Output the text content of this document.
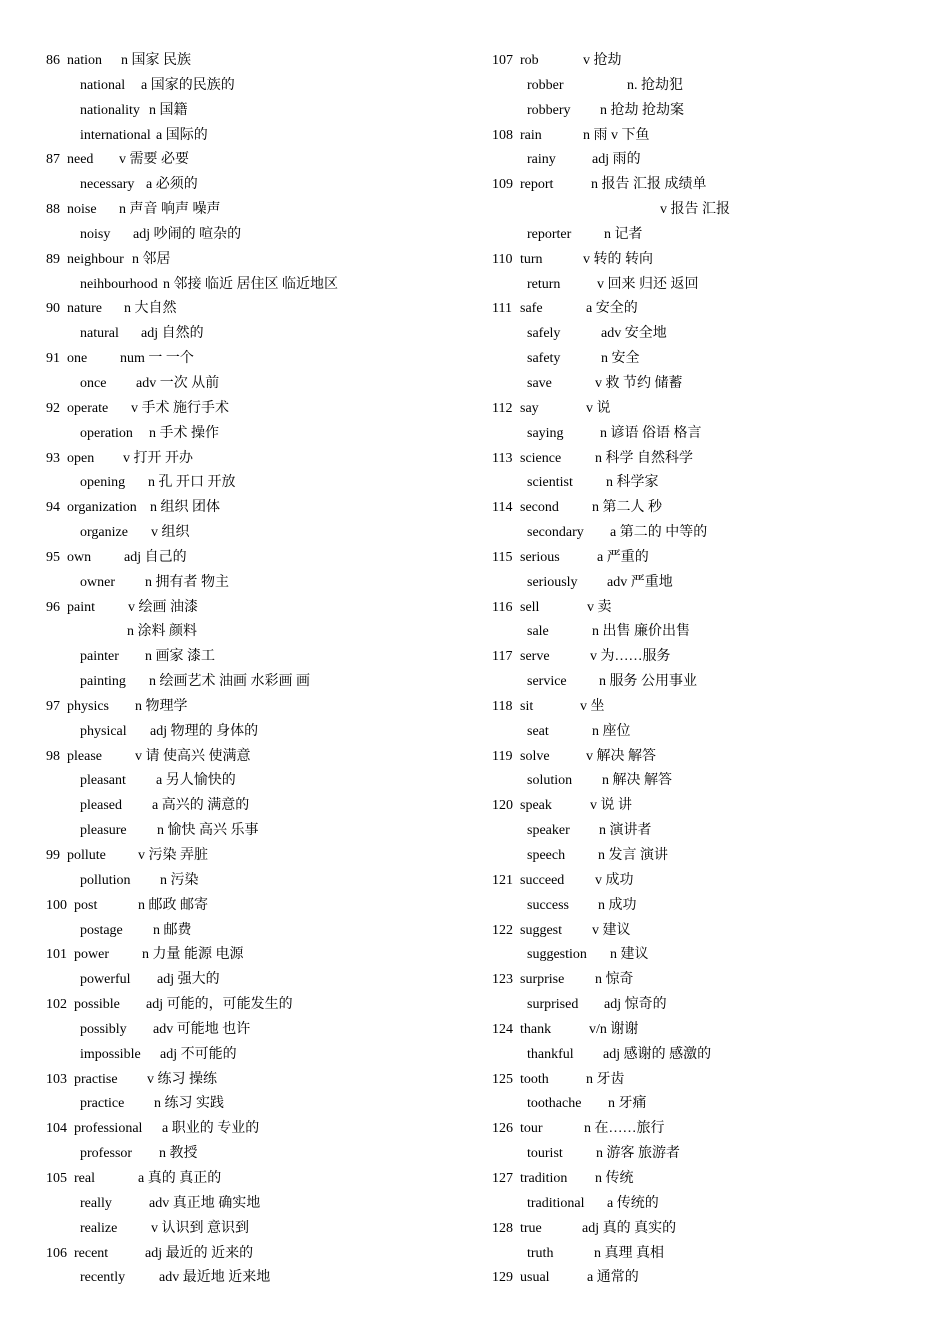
86 nation n 国家 民族
national a 国家的民族的
nationality n 国籍
international a 国际的
87 need v 需要 必要
necessary a 必须的
88 noise n 声音 响声 噪声
noisy adj 吵闹的 喧杂的
89 neighbour n 邻居
neihbourhood n 邻接 临近 居住区 临近地区
90 nature n 大自然
natural adj 自然的
91 one num 一 一个
once adv 一次 从前
92 operate v 手术 施行手术
operation n 手术 操作
93 open v 打开 开办
opening n 孔 开口 开放
94 organization n 组织 团体
organize v 组织
95 own adj 自己的
owner n 拥有者 物主
96 paint v 绘画 油漆
n 涂料 颜料
painter n 画家 漆工
painting n 绘画艺术 油画 水彩画 画
97 physics n 物理学
physical adj 物理的 身体的
98 please v 请 使高兴 使满意
pleasant a 另人愉快的
pleased a 高兴的 满意的
pleasure n 愉快 高兴 乐事
99 pollute v 污染 弄脏
pollution n 污染
100 post	n 邮政 邮寄
postage n 邮费
101 power n 力量 能源 电源
powerful adj 强大的
102 possible adj 可能的，可能发生的
possibly adv 可能地 也许
impossible adj 不可能的
103 practise v 练习 操练
practice n 练习 实践
104 professional a 职业的 专业的
professor n 教授
105 real	a 真的 真正的
really	adv 真正地 确实地
realize v 认识到 意识到
106 recent	adj 最近的 近来的
recently adv 最近地 近来地
107 rob	v 抢劫
robber	n. 抢劫犯
robbery n 抢劫 抢劫案
108 rain	n 雨 v 下鱼
rainy	adj 雨的
109 report	n 报告 汇报 成绩单
v 报告 汇报
reporter n 记者
110 turn	v 转的 转向
return	v 回来 归还 返回
111 safe	a 安全的
safely	adv 安全地
safety	n 安全
save	v 救 节约 储蓄
112 say	v 说
saying	n 谚语 俗语 格言
113 science n 科学 自然科学
scientist n 科学家
114 second n 第二人 秒
secondary a 第二的 中等的
115 serious	a 严重的
seriously adv 严重地
116 sell	v 卖
sale	n 出售 廉价出售
117 serve	v 为……服务
service n 服务 公用事业
118 sit	v 坐
seat	n 座位
119 solve	v 解决 解答
solution n 解决 解答
120 speak	v 说 讲
speaker n 演讲者
speech n 发言 演讲
121 succeed v 成功
success n 成功
122 suggest v 建议
suggestion n 建议
123 surprise n 惊奇
surprised adj 惊奇的
124 thank	v/n 谢谢
thankful adj 感谢的 感激的
125 tooth	n 牙齿
toothache n 牙痛
126 tour	n 在……旅行
tourist n 游客 旅游者
127 tradition n 传统
traditional a 传统的
128 true	adj 真的 真实的
truth	n 真理 真相
129 usual	a 通常的
